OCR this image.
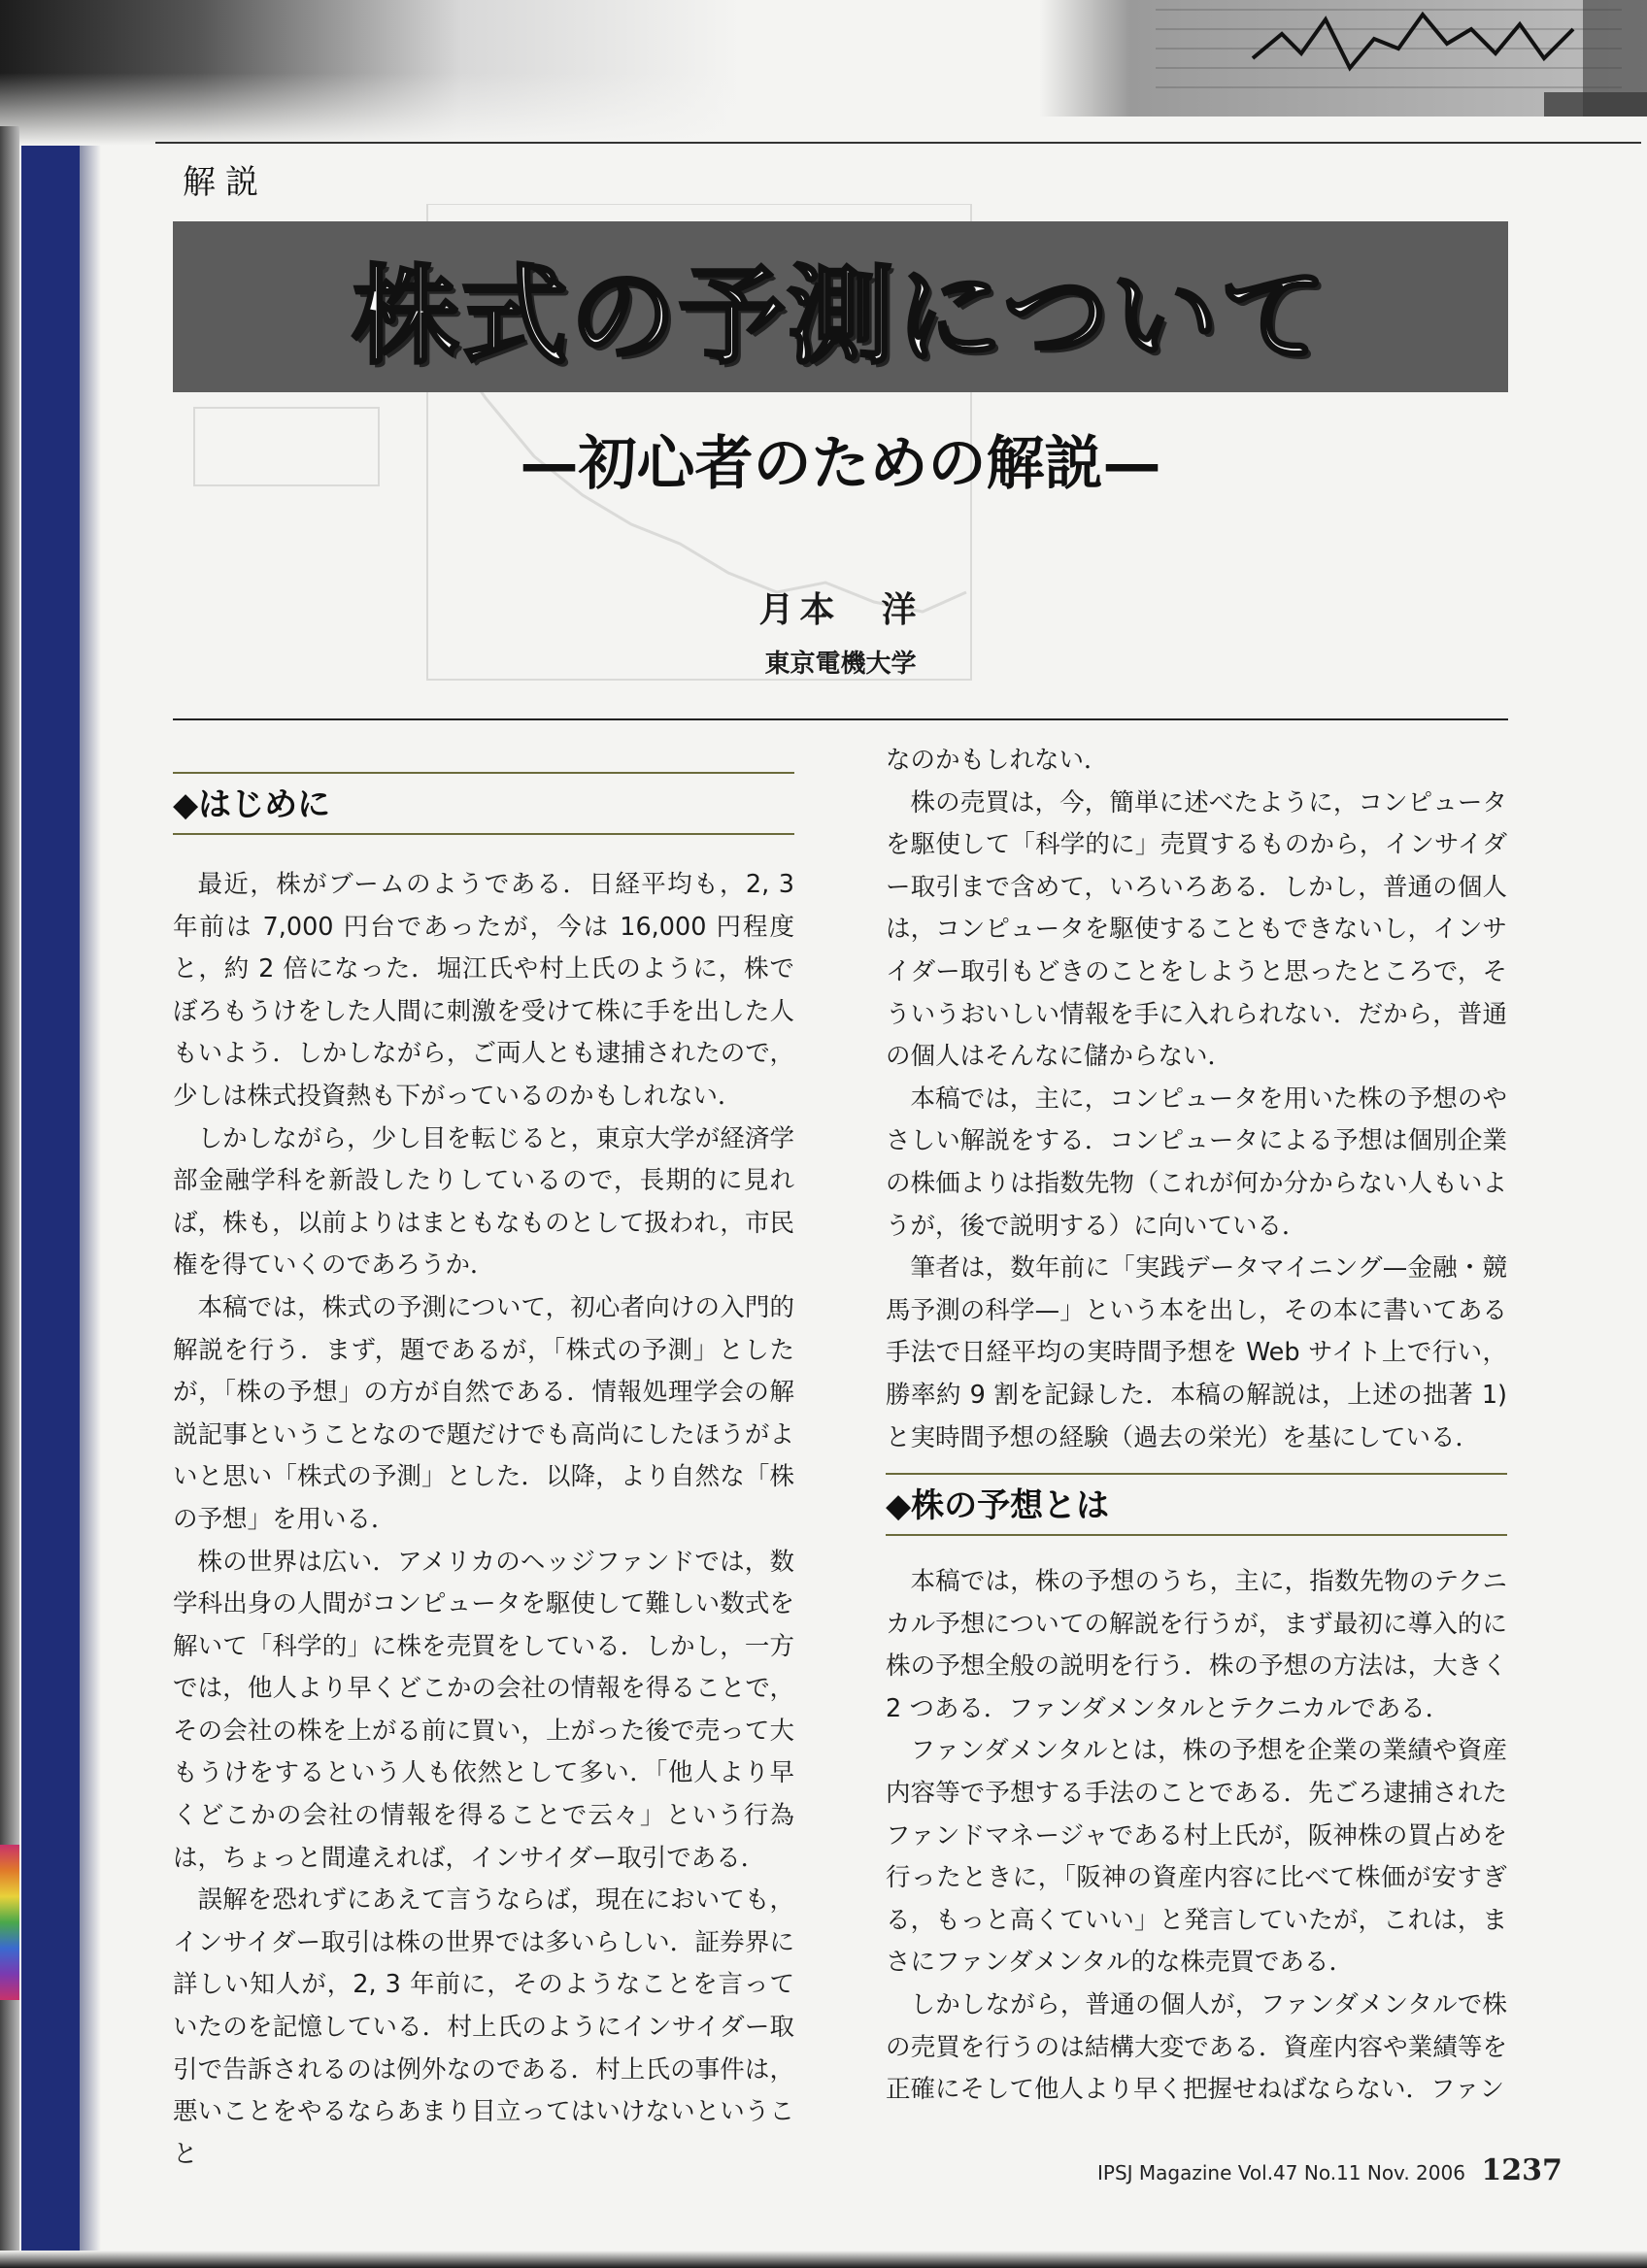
解説
株式の予測について
—初心者のための解説—
月本　洋
東京電機大学
◆はじめに

最近，株がブームのようである．日経平均も，2, 3 年前は 7,000 円台であったが，今は 16,000 円程度と，約 2 倍になった．堀江氏や村上氏のように，株でぼろもうけをした人間に刺激を受けて株に手を出した人もいよう．しかしながら，ご両人とも逮捕されたので，少しは株式投資熱も下がっているのかもしれない．

しかしながら，少し目を転じると，東京大学が経済学部金融学科を新設したりしているので，長期的に見れば，株も，以前よりはまともなものとして扱われ，市民権を得ていくのであろうか．

本稿では，株式の予測について，初心者向けの入門的解説を行う．まず，題であるが，「株式の予測」としたが，「株の予想」の方が自然である．情報処理学会の解説記事ということなので題だけでも高尚にしたほうがよいと思い「株式の予測」とした．以降，より自然な「株の予想」を用いる．

株の世界は広い．アメリカのヘッジファンドでは，数学科出身の人間がコンピュータを駆使して難しい数式を解いて「科学的」に株を売買をしている．しかし，一方では，他人より早くどこかの会社の情報を得ることで，その会社の株を上がる前に買い，上がった後で売って大もうけをするという人も依然として多い．「他人より早くどこかの会社の情報を得ることで云々」という行為は，ちょっと間違えれば，インサイダー取引である．

誤解を恐れずにあえて言うならば，現在においても，インサイダー取引は株の世界では多いらしい．証券界に詳しい知人が，2, 3 年前に，そのようなことを言っていたのを記憶している．村上氏のようにインサイダー取引で告訴されるのは例外なのである．村上氏の事件は，悪いことをやるならあまり目立ってはいけないということ

なのかもしれない．

株の売買は，今，簡単に述べたように，コンピュータを駆使して「科学的に」売買するものから，インサイダー取引まで含めて，いろいろある．しかし，普通の個人は，コンピュータを駆使することもできないし，インサイダー取引もどきのことをしようと思ったところで，そういうおいしい情報を手に入れられない．だから，普通の個人はそんなに儲からない．

本稿では，主に，コンピュータを用いた株の予想のやさしい解説をする．コンピュータによる予想は個別企業の株価よりは指数先物（これが何か分からない人もいようが，後で説明する）に向いている．

筆者は，数年前に「実践データマイニング—金融・競馬予測の科学—」という本を出し，その本に書いてある手法で日経平均の実時間予想を Web サイト上で行い，勝率約 9 割を記録した．本稿の解説は，上述の拙著 1) と実時間予想の経験（過去の栄光）を基にしている．

◆株の予想とは

本稿では，株の予想のうち，主に，指数先物のテクニカル予想についての解説を行うが，まず最初に導入的に株の予想全般の説明を行う．株の予想の方法は，大きく 2 つある．ファンダメンタルとテクニカルである．

ファンダメンタルとは，株の予想を企業の業績や資産内容等で予想する手法のことである．先ごろ逮捕されたファンドマネージャである村上氏が，阪神株の買占めを行ったときに，「阪神の資産内容に比べて株価が安すぎる，もっと高くていい」と発言していたが，これは，まさにファンダメンタル的な株売買である．

しかしながら，普通の個人が，ファンダメンタルで株の売買を行うのは結構大変である．資産内容や業績等を正確にそして他人より早く把握せねばならない．ファン

IPSJ Magazine Vol.47 No.11 Nov. 2006 1237
